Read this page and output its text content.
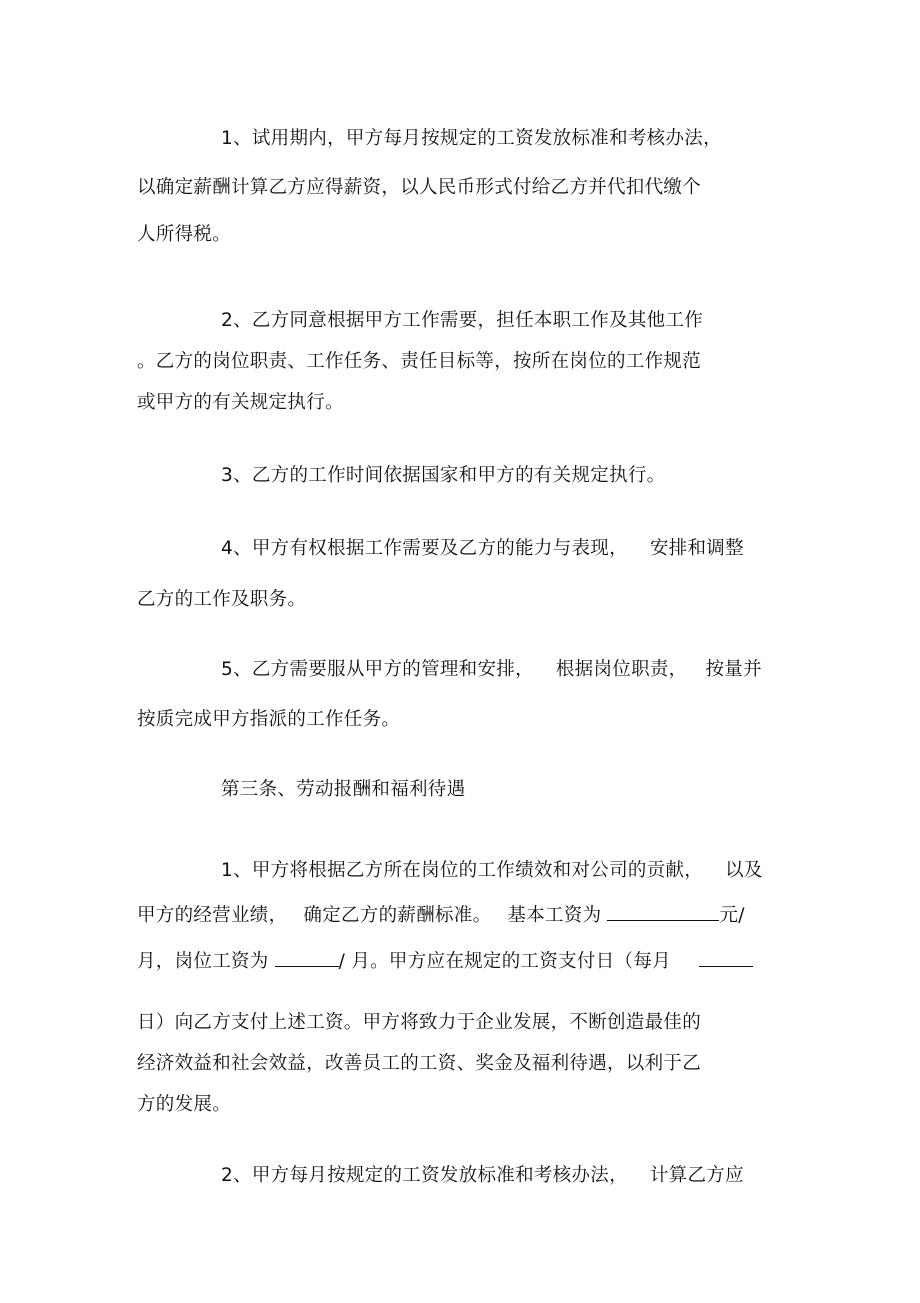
1、试用期内，甲方每月按规定的工资发放标准和考核办法，
以确定薪酬计算乙方应得薪资，以人民币形式付给乙方并代扣代缴个
人所得税。
2、乙方同意根据甲方工作需要，担任本职工作及其他工作
。乙方的岗位职责、工作任务、责任目标等，按所在岗位的工作规范
或甲方的有关规定执行。
3、乙方的工作时间依据国家和甲方的有关规定执行。
4、甲方有权根据工作需要及乙方的能力与表现， 安排和调整
乙方的工作及职务。
5、乙方需要服从甲方的管理和安排， 根据岗位职责， 按量并
按质完成甲方指派的工作任务。
第三条、劳动报酬和福利待遇
1、甲方将根据乙方所在岗位的工作绩效和对公司的贡献， 以及
甲方的经营业绩， 确定乙方的薪酬标准。 基本工资为	元/
月，岗位工资为	/ 月。甲方应在规定的工资支付日（每月
日）向乙方支付上述工资。甲方将致力于企业发展，不断创造最佳的
经济效益和社会效益，改善员工的工资、奖金及福利待遇，以利于乙
方的发展。
2、甲方每月按规定的工资发放标准和考核办法， 计算乙方应
